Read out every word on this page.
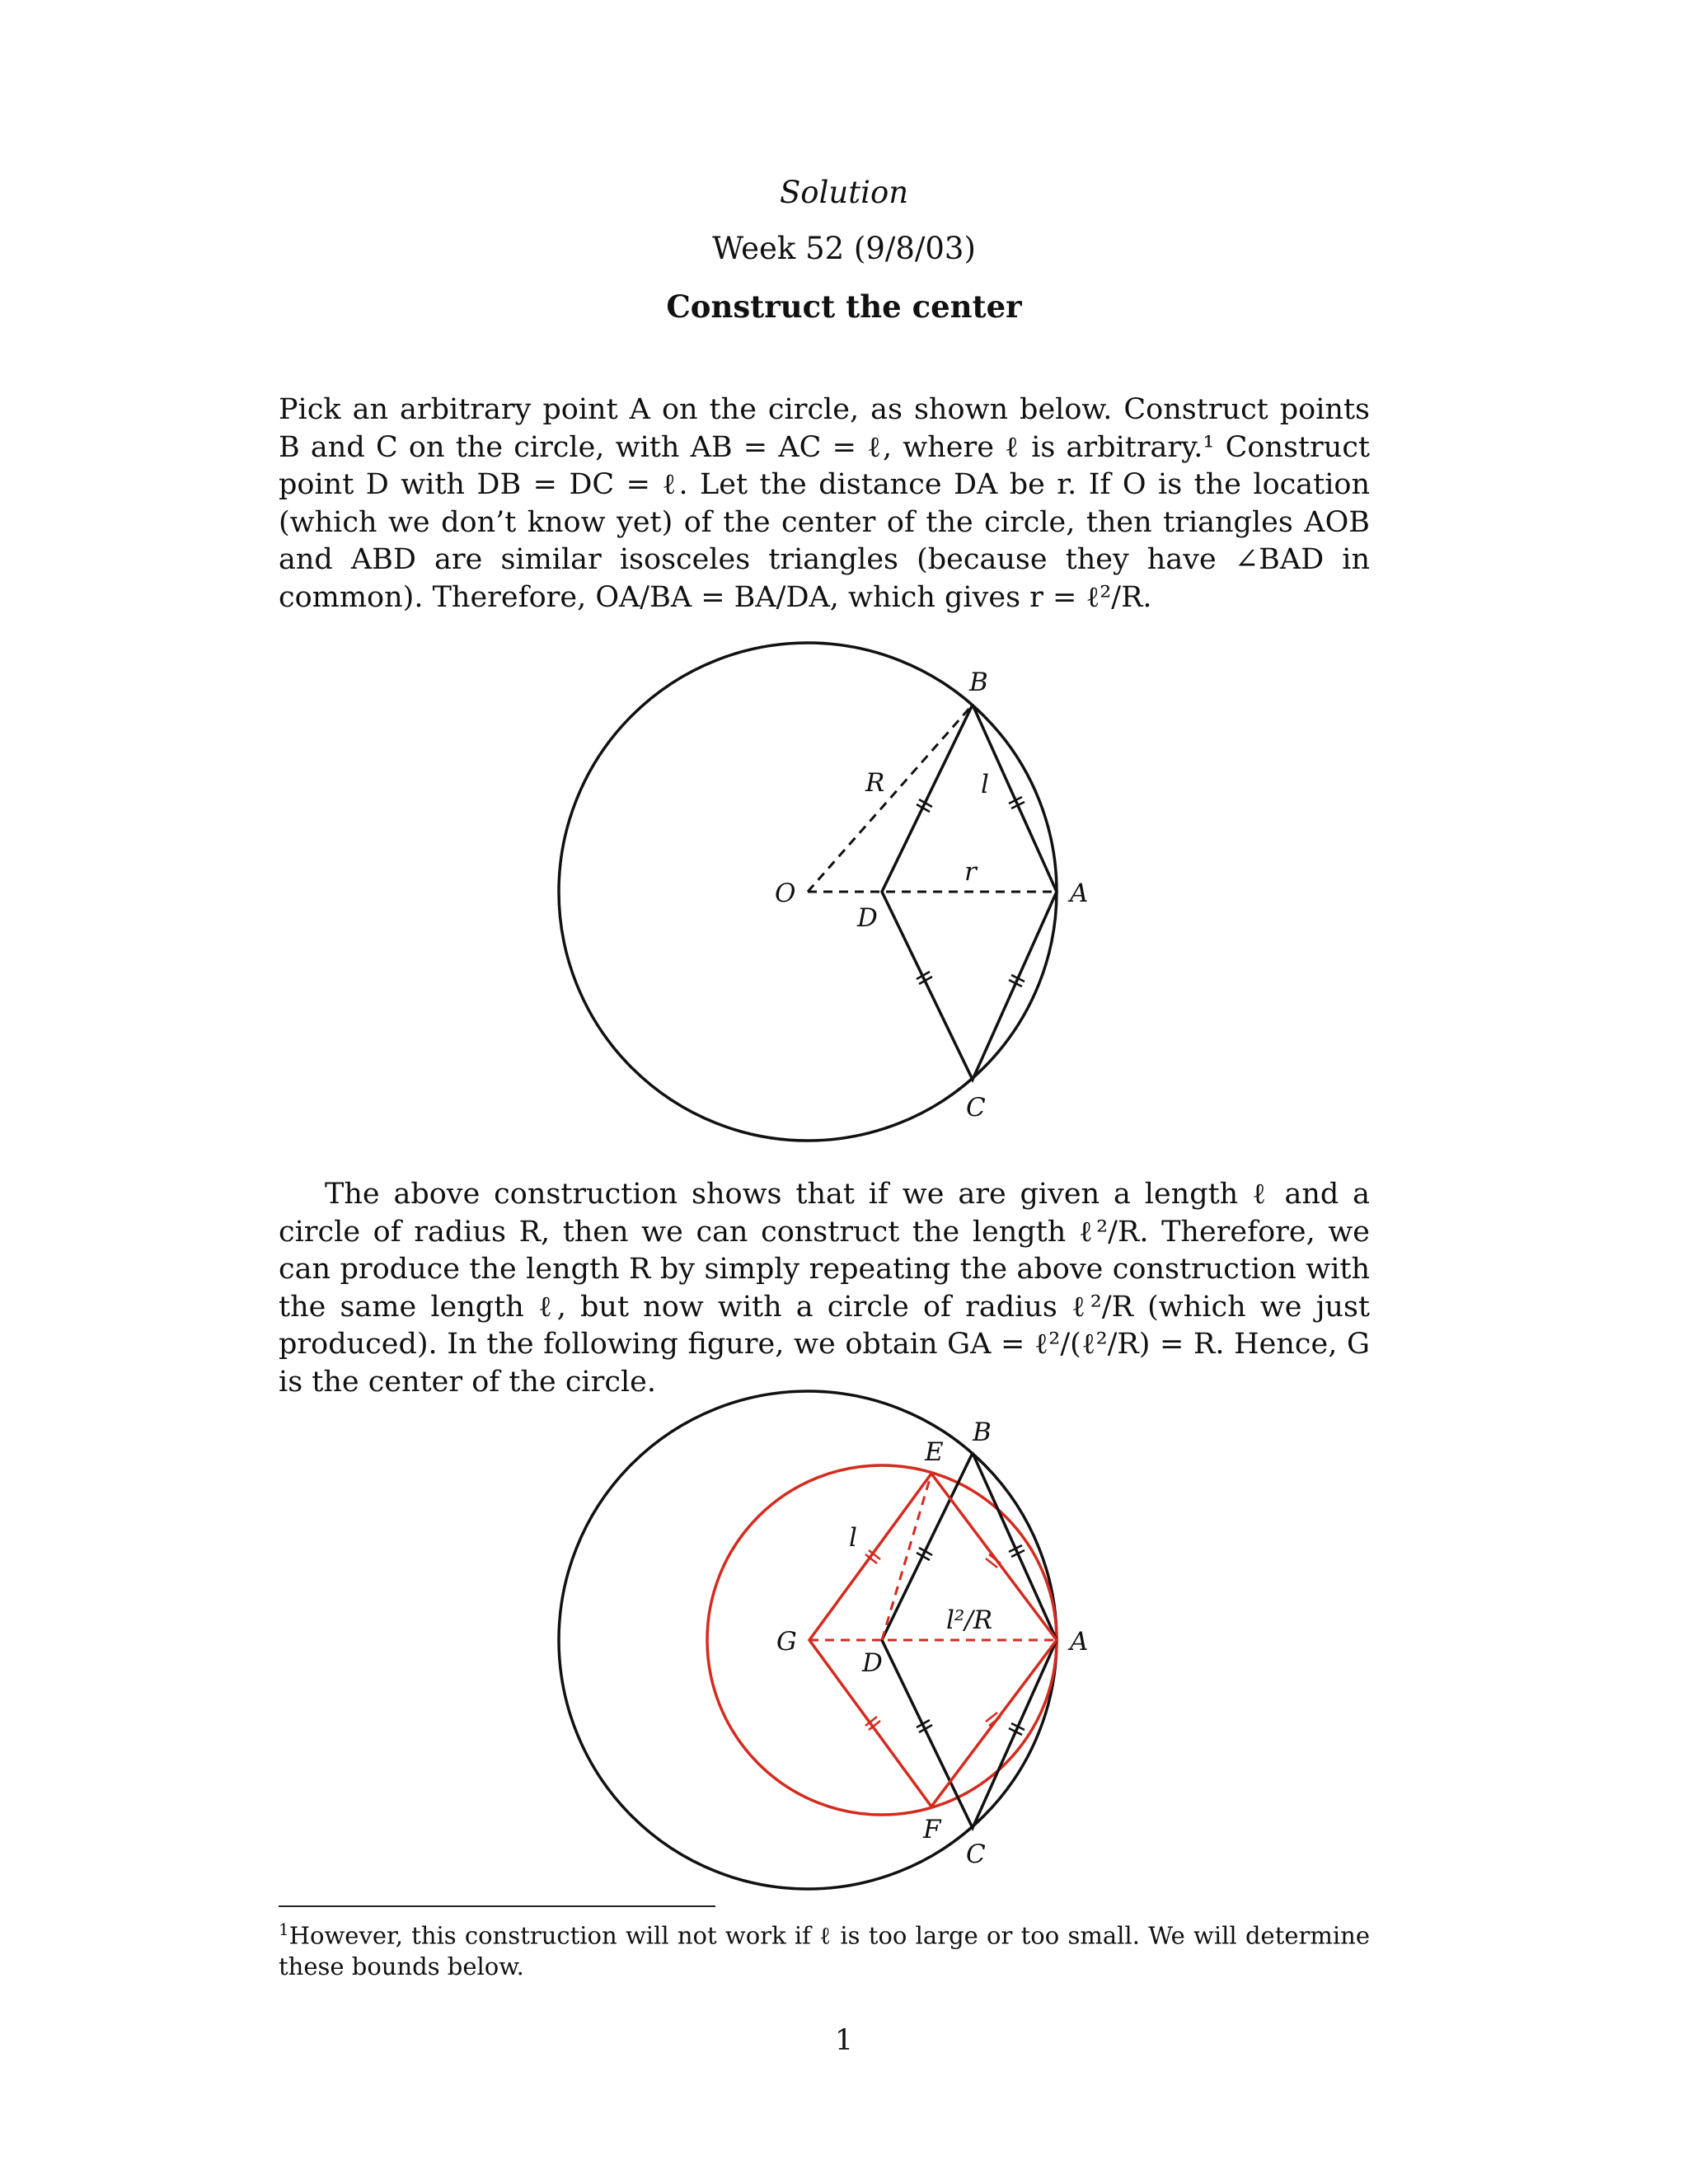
Solution
Week 52 (9/8/03)
Construct the center
Pick an arbitrary point A on the circle, as shown below. Construct points B and C on the circle, with AB = AC = ℓ, where ℓ is arbitrary.¹ Construct point D with DB = DC = ℓ. Let the distance DA be r. If O is the location (which we don’t know yet) of the center of the circle, then triangles AOB and ABD are similar isosceles triangles (because they have ∠BAD in common). Therefore, OA/BA = BA/DA, which gives r = ℓ²/R.
B
R	l
r
O
D
A
C
B
E
l
l²/R
G
D
A
F
C
The above construction shows that if we are given a length ℓ and a circle of radius R, then we can construct the length ℓ²/R. Therefore, we can produce the length R by simply repeating the above construction with the same length ℓ, but now with a circle of radius ℓ²/R (which we just produced). In the following figure, we obtain GA = ℓ²/(ℓ²/R) = R. Hence, G is the center of the circle.
$^1$However, this construction will not work if ℓ is too large or too small. We will determine these bounds below.
1
